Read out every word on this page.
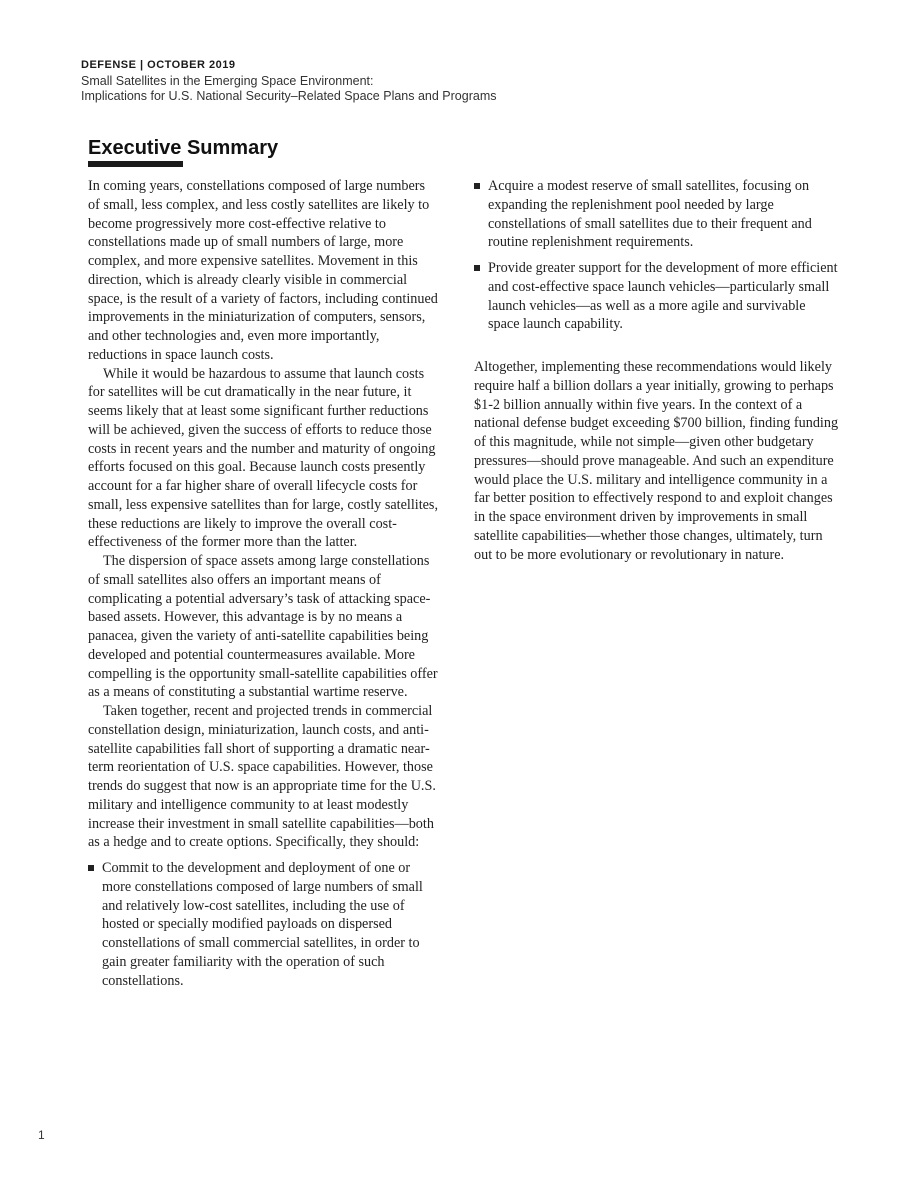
DEFENSE | OCTOBER 2019
Small Satellites in the Emerging Space Environment:
Implications for U.S. National Security–Related Space Plans and Programs
Executive Summary

In coming years, constellations composed of large numbers of small, less complex, and less costly satellites are likely to become progressively more cost-effective relative to constellations made up of small numbers of large, more complex, and more expensive satellites. Movement in this direction, which is already clearly visible in commercial space, is the result of a variety of factors, including continued improvements in the miniaturization of computers, sensors, and other technologies and, even more importantly, reductions in space launch costs.

While it would be hazardous to assume that launch costs for satellites will be cut dramatically in the near future, it seems likely that at least some significant further reductions will be achieved, given the success of efforts to reduce those costs in recent years and the number and maturity of ongoing efforts focused on this goal. Because launch costs presently account for a far higher share of overall lifecycle costs for small, less expensive satellites than for large, costly satellites, these reductions are likely to improve the overall cost-effectiveness of the former more than the latter.

The dispersion of space assets among large constellations of small satellites also offers an important means of complicating a potential adversary’s task of attacking space-based assets. However, this advantage is by no means a panacea, given the variety of anti-satellite capabilities being developed and potential countermeasures available. More compelling is the opportunity small-satellite capabilities offer as a means of constituting a substantial wartime reserve.

Taken together, recent and projected trends in commercial constellation design, miniaturization, launch costs, and anti-satellite capabilities fall short of supporting a dramatic near-term reorientation of U.S. space capabilities. However, those trends do suggest that now is an appropriate time for the U.S. military and intelligence community to at least modestly increase their investment in small satellite capabilities—both as a hedge and to create options. Specifically, they should:

Commit to the development and deployment of one or more constellations composed of large numbers of small and relatively low-cost satellites, including the use of hosted or specially modified payloads on dispersed constellations of small commercial satellites, in order to gain greater familiarity with the operation of such constellations.
Acquire a modest reserve of small satellites, focusing on expanding the replenishment pool needed by large constellations of small satellites due to their frequent and routine replenishment requirements.
Provide greater support for the development of more efficient and cost-effective space launch vehicles—particularly small launch vehicles—as well as a more agile and survivable space launch capability.

Altogether, implementing these recommendations would likely require half a billion dollars a year initially, growing to perhaps $1-2 billion annually within five years. In the context of a national defense budget exceeding $700 billion, finding funding of this magnitude, while not simple—given other budgetary pressures—should prove manageable. And such an expenditure would place the U.S. military and intelligence community in a far better position to effectively respond to and exploit changes in the space environment driven by improvements in small satellite capabilities—whether those changes, ultimately, turn out to be more evolutionary or revolutionary in nature.

1
